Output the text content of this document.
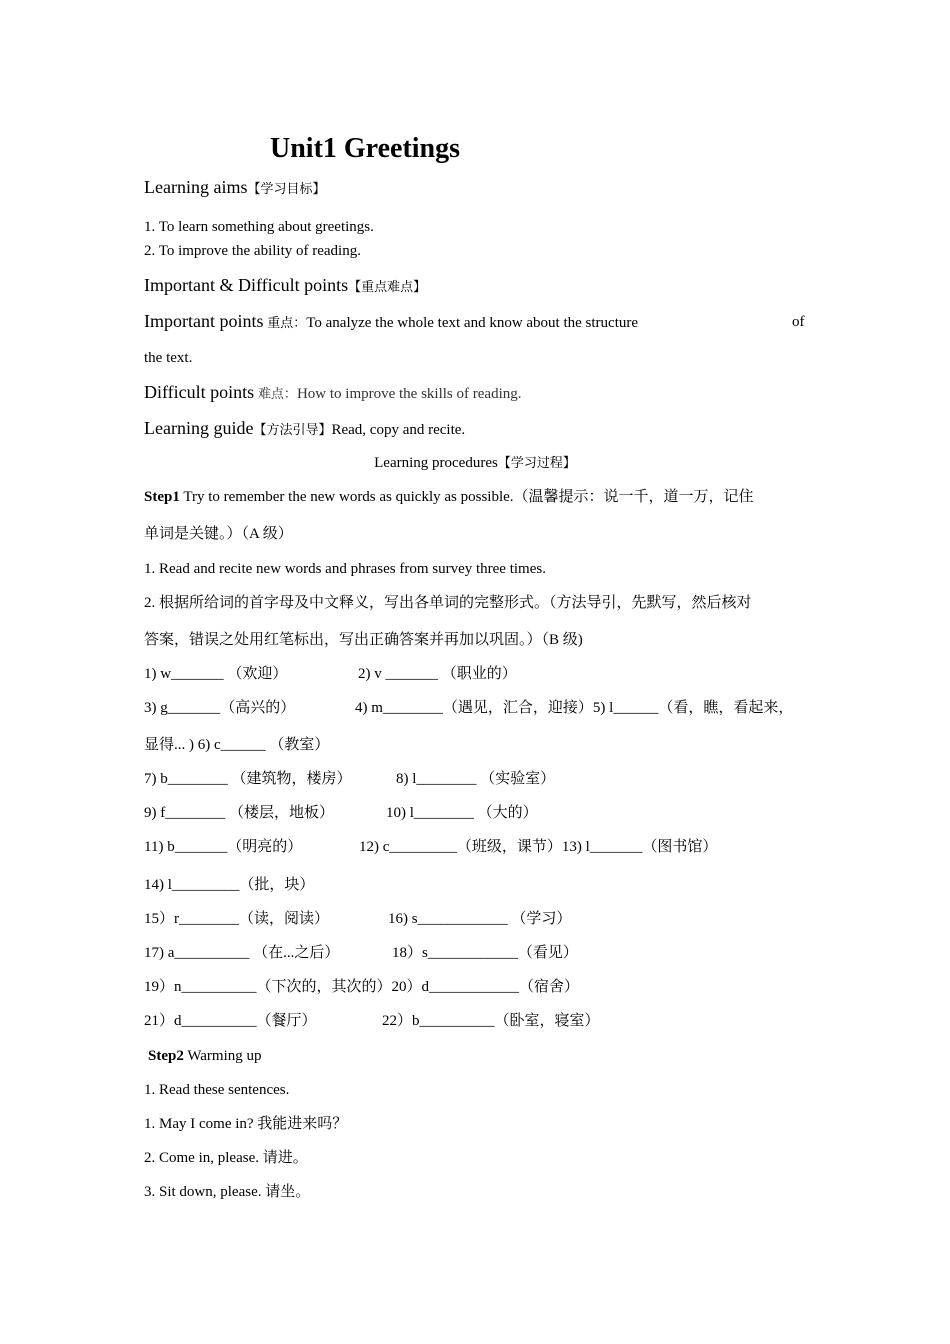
Unit1 Greetings
Learning aims【学习目标】
1. To learn something about greetings.
2. To improve the ability of reading.
Important & Difficult points【重点难点】
Important points 重点：To analyze the whole text and know about the structure	of
the text.
Difficult points 难点：How to improve the skills of reading.
Learning guide【方法引导】Read, copy and recite.
Learning procedures【学习过程】
Step1 Try to remember the new words as quickly as possible.（温馨提示：说一千，道一万，记住
单词是关键。）（A 级）
1. Read and recite new words and phrases from survey three times.
2. 根据所给词的首字母及中文释义，写出各单词的完整形式。（方法导引，先默写，然后核对
答案，错误之处用红笔标出，写出正确答案并再加以巩固。）（B 级)
1) w_______ （欢迎）	2) v _______ （职业的）
3) g_______（高兴的）	4) m________（遇见，汇合，迎接）5) l______（看，瞧，看起来，
显得... ) 6) c______ （教室）
7) b________ （建筑物，楼房）	8) l________ （实验室）
9) f________ （楼层，地板）	10) l________ （大的）
11) b_______（明亮的）	12) c_________（班级，课节）13) l_______（图书馆）
14) l_________（批，块）
15）r________（读，阅读）	16) s____________ （学习）
17) a__________ （在...之后）	18）s____________（看见）
19）n__________（下次的，其次的）20）d____________（宿舍）
21）d__________（餐厅）	22）b__________（卧室，寝室）
Step2 Warming up
1. Read these sentences.
1. May I come in? 我能进来吗？
2. Come in, please. 请进。
3. Sit down, please. 请坐。
